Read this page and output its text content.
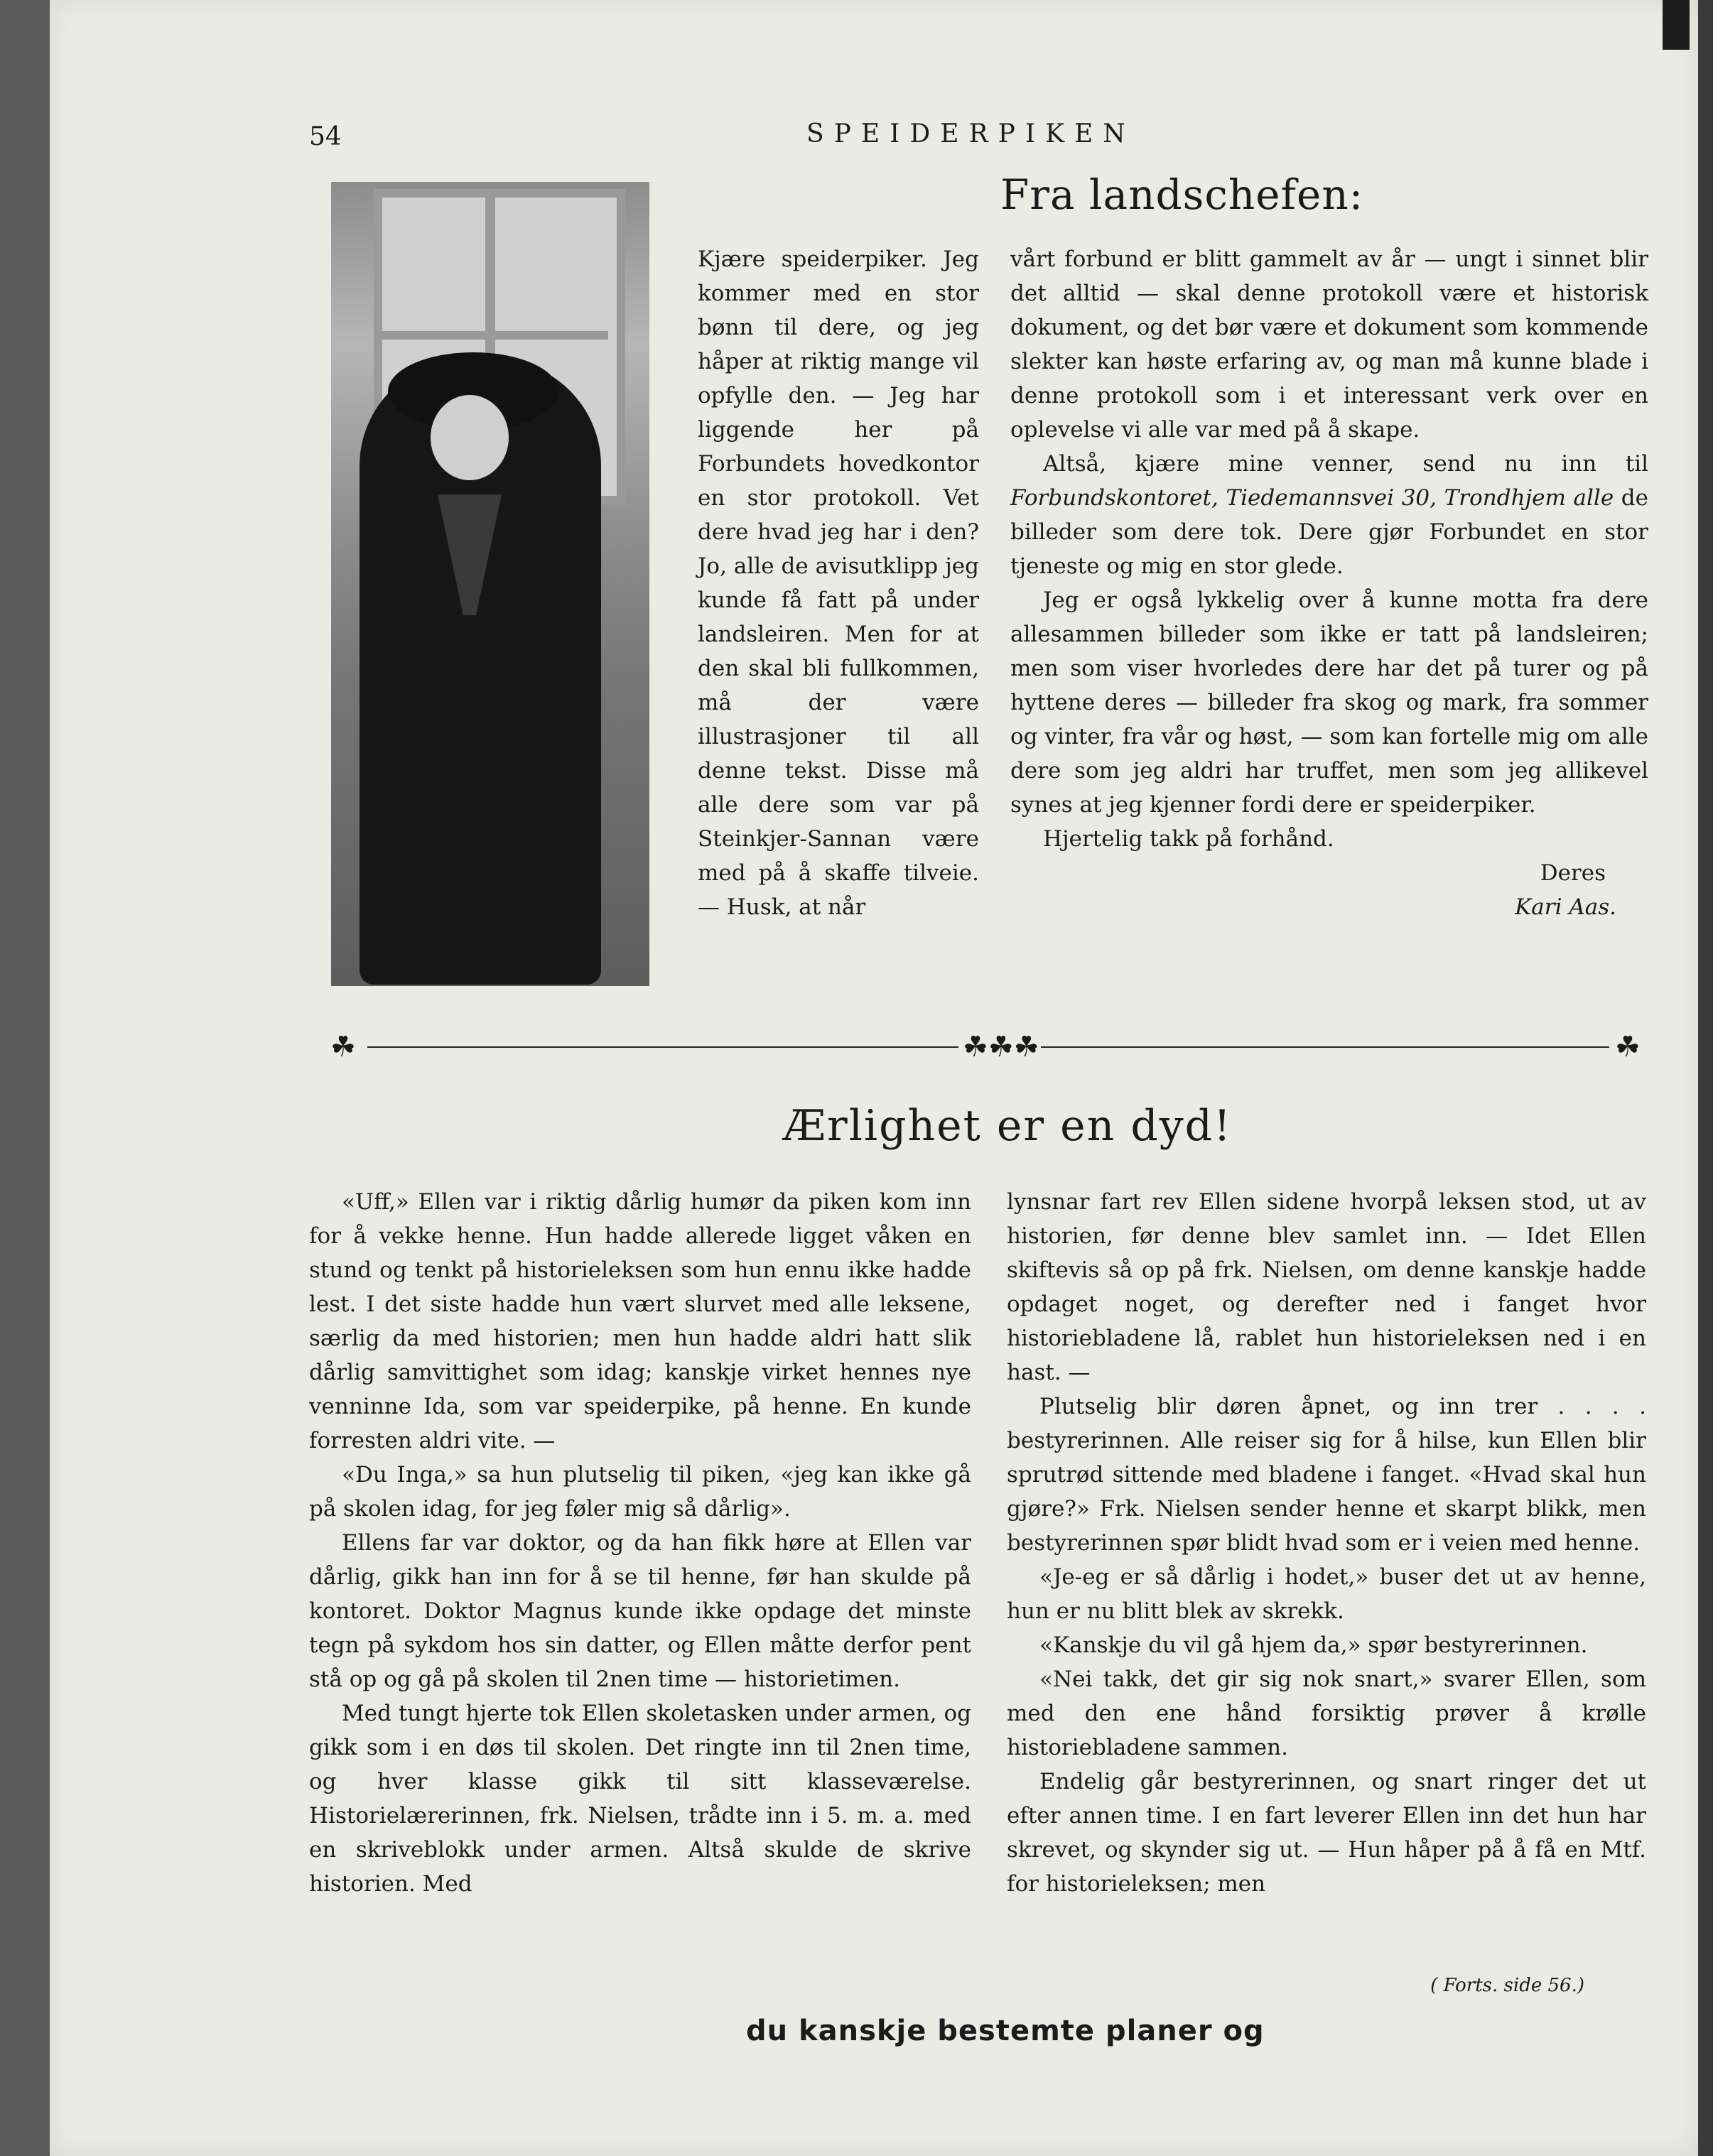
54	SPEIDERPIKEN
Fra landschefen:

Kjære speiderpiker. Jeg kommer med en stor bønn til dere, og jeg håper at riktig mange vil opfylle den. — Jeg har liggende her på Forbundets hovedkontor en stor protokoll. Vet dere hvad jeg har i den? Jo, alle de avisutklipp jeg kunde få fatt på under landsleiren. Men for at den skal bli fullkommen, må der være illustrasjoner til all denne tekst. Disse må alle dere som var på Steinkjer-Sannan være med på å skaffe tilveie. — Husk, at når

vårt forbund er blitt gammelt av år — ungt i sinnet blir det alltid — skal denne protokoll være et historisk dokument, og det bør være et dokument som kommende slekter kan høste erfaring av, og man må kunne blade i denne protokoll som i et interessant verk over en oplevelse vi alle var med på å skape.

Altså, kjære mine venner, send nu inn til Forbundskontoret, Tiedemannsvei 30, Trondhjem alle de billeder som dere tok. Dere gjør Forbundet en stor tjeneste og mig en stor glede.

Jeg er også lykkelig over å kunne motta fra dere allesammen billeder som ikke er tatt på landsleiren; men som viser hvorledes dere har det på turer og på hyttene deres — billeder fra skog og mark, fra sommer og vinter, fra vår og høst, — som kan fortelle mig om alle dere som jeg aldri har truffet, men som jeg allikevel synes at jeg kjenner fordi dere er speiderpiker.

Hjertelig takk på forhånd.

Deres
Kari Aas.
☘	☘☘☘	☘
Ærlighet er en dyd!

«Uff,» Ellen var i riktig dårlig humør da piken kom inn for å vekke henne. Hun hadde allerede ligget våken en stund og tenkt på historieleksen som hun ennu ikke hadde lest. I det siste hadde hun vært slurvet med alle leksene, særlig da med historien; men hun hadde aldri hatt slik dårlig samvittighet som idag; kanskje virket hennes nye venninne Ida, som var speiderpike, på henne. En kunde forresten aldri vite. —

«Du Inga,» sa hun plutselig til piken, «jeg kan ikke gå på skolen idag, for jeg føler mig så dårlig».

Ellens far var doktor, og da han fikk høre at Ellen var dårlig, gikk han inn for å se til henne, før han skulde på kontoret. Doktor Magnus kunde ikke opdage det minste tegn på sykdom hos sin datter, og Ellen måtte derfor pent stå op og gå på skolen til 2nen time — historietimen.

Med tungt hjerte tok Ellen skoletasken under armen, og gikk som i en døs til skolen. Det ringte inn til 2nen time, og hver klasse gikk til sitt klasseværelse. Historielærerinnen, frk. Nielsen, trådte inn i 5. m. a. med en skriveblokk under armen. Altså skulde de skrive historien. Med

lynsnar fart rev Ellen sidene hvorpå leksen stod, ut av historien, før denne blev samlet inn. — Idet Ellen skiftevis så op på frk. Nielsen, om denne kanskje hadde opdaget noget, og derefter ned i fanget hvor historiebladene lå, rablet hun historieleksen ned i en hast. —

Plutselig blir døren åpnet, og inn trer . . . . bestyrerinnen. Alle reiser sig for å hilse, kun Ellen blir sprutrød sittende med bladene i fanget. «Hvad skal hun gjøre?» Frk. Nielsen sender henne et skarpt blikk, men bestyrerinnen spør blidt hvad som er i veien med henne.

«Je-eg er så dårlig i hodet,» buser det ut av henne, hun er nu blitt blek av skrekk.

«Kanskje du vil gå hjem da,» spør bestyrerinnen.

«Nei takk, det gir sig nok snart,» svarer Ellen, som med den ene hånd forsiktig prøver å krølle historiebladene sammen.

Endelig går bestyrerinnen, og snart ringer det ut efter annen time. I en fart leverer Ellen inn det hun har skrevet, og skynder sig ut. — Hun håper på å få en Mtf. for historieleksen; men

( Forts. side 56.)
du kanskje bestemte planer og
